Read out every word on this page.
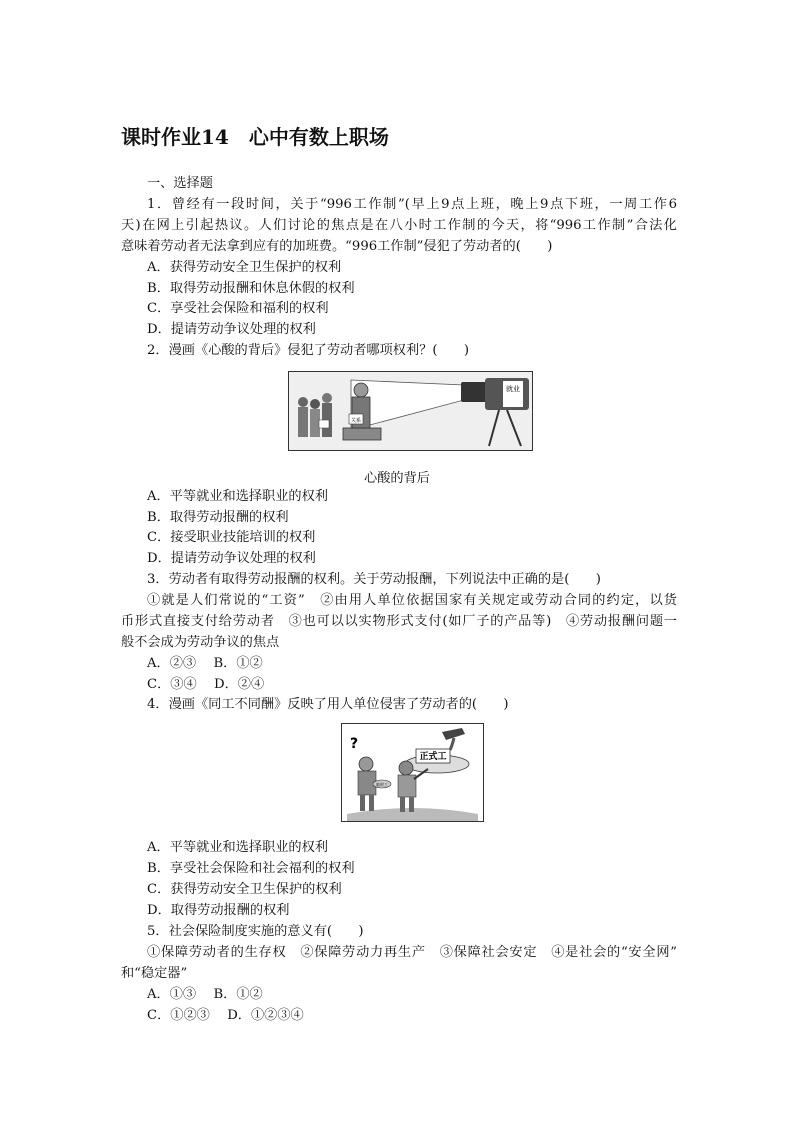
课时作业14　心中有数上职场
一、选择题
1．曾经有一段时间，关于“996工作制”(早上9点上班，晚上9点下班，一周工作6
天)在网上引起热议。人们讨论的焦点是在八小时工作制的今天，将“996工作制”合法化
意味着劳动者无法拿到应有的加班费。“996工作制”侵犯了劳动者的(　　)
A．获得劳动安全卫生保护的权利
B．取得劳动报酬和休息休假的权利
C．享受社会保险和福利的权利
D．提请劳动争议处理的权利
2．漫画《心酸的背后》侵犯了劳动者哪项权利？(　　)
就业
关系
心酸的背后
A．平等就业和选择职业的权利
B．取得劳动报酬的权利
C．接受职业技能培训的权利
D．提请劳动争议处理的权利
3．劳动者有取得劳动报酬的权利。关于劳动报酬，下列说法中正确的是(　　)
①就是人们常说的“工资”　②由用人单位依据国家有关规定或劳动合同的约定，以货
币形式直接支付给劳动者　③也可以以实物形式支付(如厂子的产品等)　④劳动报酬问题一
般不会成为劳动争议的焦点
A．②③　 B．①②
C．③④　 D．②④
4．漫画《同工不同酬》反映了用人单位侵害了劳动者的(　　)
正式工
?
临时工
A．平等就业和选择职业的权利
B．享受社会保险和社会福利的权利
C．获得劳动安全卫生保护的权利
D．取得劳动报酬的权利
5．社会保险制度实施的意义有(　　)
①保障劳动者的生存权　②保障劳动力再生产　③保障社会安定　④是社会的“安全网”
和“稳定器”
A．①③　 B．①②
C．①②③　 D．①②③④
